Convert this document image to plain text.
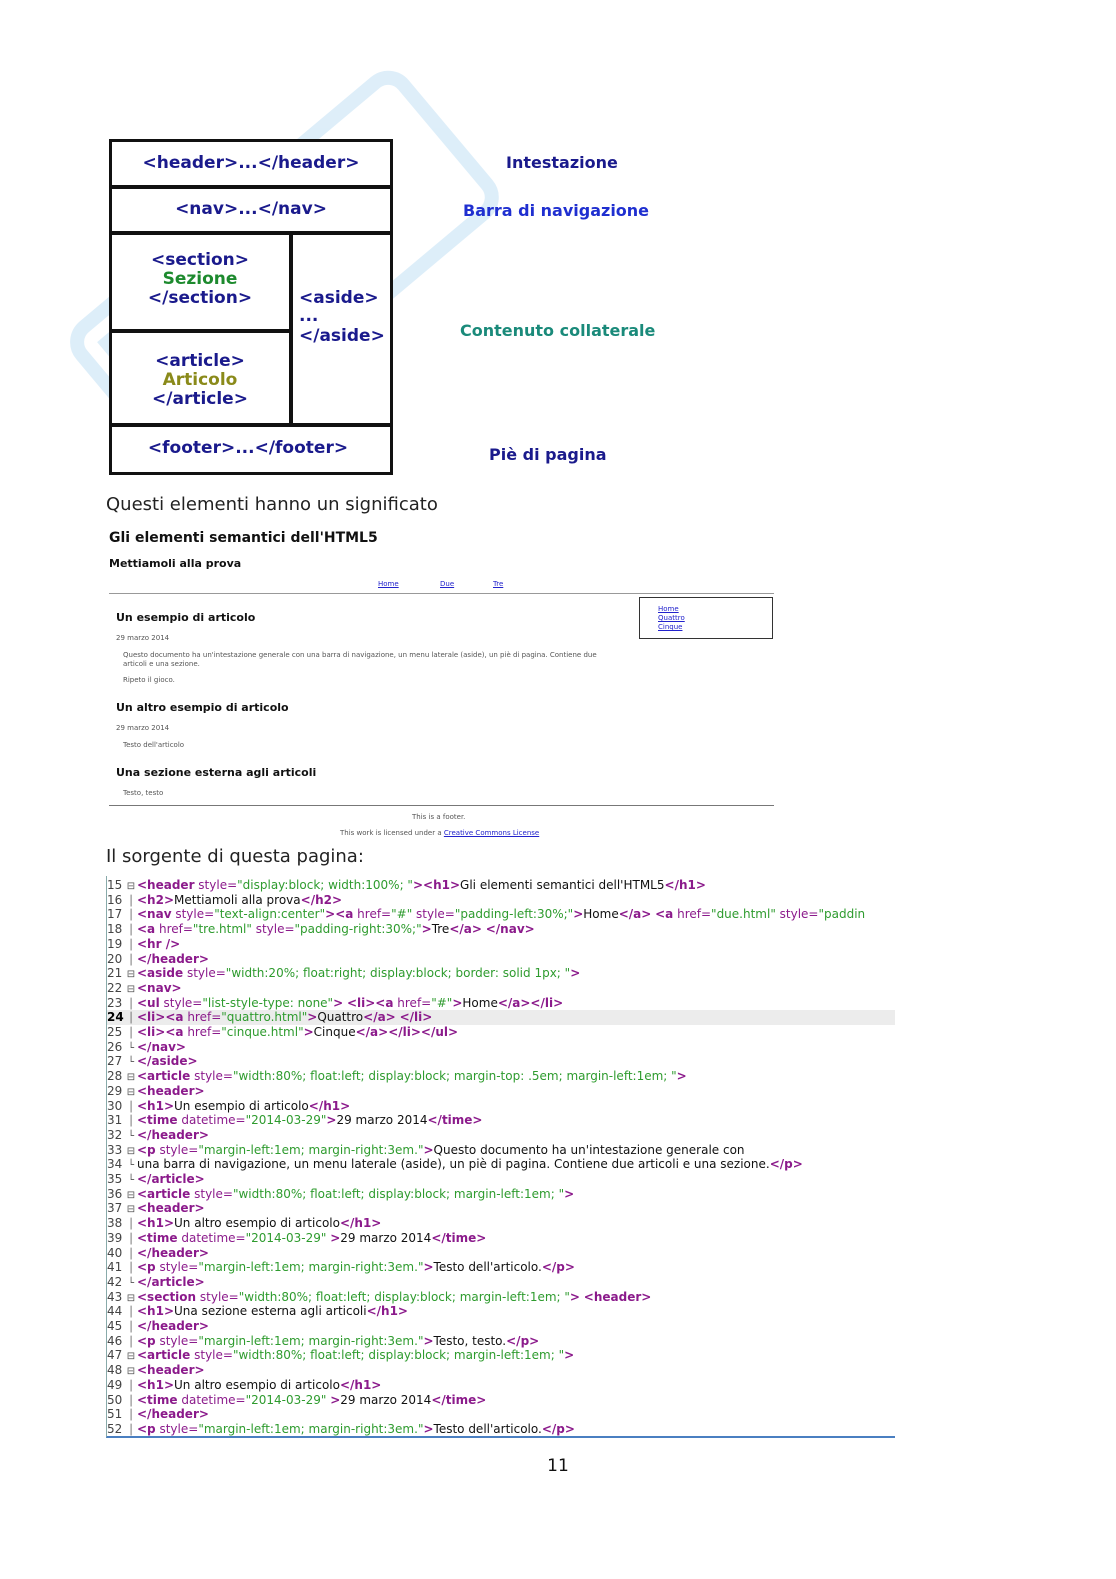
<header>...</header>
<nav>...</nav>
<section>
Sezione
</section>
<article>
Articolo
</article>
<aside>
...
</aside>
<footer>...</footer>
Intestazione
Barra di navigazione
Contenuto collaterale
Piè di pagina
Questi elementi hanno un significato
Gli elementi semantici dell'HTML5
Mettiamoli alla prova
Home	Due	Tre
Home
Quattro
Cinque
Un esempio di articolo
29 marzo 2014
Questo documento ha un'intestazione generale con una barra di navigazione, un menu laterale (aside), un piè di pagina. Contiene due
articoli e una sezione.
Ripeto il gioco.
Un altro esempio di articolo
29 marzo 2014
Testo dell'articolo
Una sezione esterna agli articoli
Testo, testo
This is a footer.
This work is licensed under a Creative Commons License
Il sorgente di questa pagina:
15 ⊟ <header style="display:block; width:100%; "><h1>Gli elementi semantici dell'HTML5</h1>
16 │ <h2>Mettiamoli alla prova</h2>
17 │ <nav style="text-align:center"><a href="#" style="padding-left:30%;">Home</a> <a href="due.html" style="paddin
18 │ <a href="tre.html" style="padding-right:30%;">Tre</a> </nav>
19 │ <hr />
20 │ </header>
21 ⊟ <aside style="width:20%; float:right; display:block; border: solid 1px; ">
22 ⊟ <nav>
23 │ <ul style="list-style-type: none"> <li><a href="#">Home</a></li>
24 │ <li><a href="quattro.html">Quattro</a> </li>
25 │ <li><a href="cinque.html">Cinque</a></li></ul>
26 └ </nav>
27 └ </aside>
28 ⊟ <article style="width:80%; float:left; display:block; margin-top: .5em; margin-left:1em; ">
29 ⊟ <header>
30 │ <h1>Un esempio di articolo</h1>
31 │ <time datetime="2014-03-29">29 marzo 2014</time>
32 └ </header>
33 ⊟ <p style="margin-left:1em; margin-right:3em.">Questo documento ha un'intestazione generale con
34 └una barra di navigazione, un menu laterale (aside), un piè di pagina. Contiene due articoli e una sezione.</p>
35 └ </article>
36 ⊟ <article style="width:80%; float:left; display:block; margin-left:1em; ">
37 ⊟ <header>
38 │ <h1>Un altro esempio di articolo</h1>
39 │ <time datetime="2014-03-29" >29 marzo 2014</time>
40 │ </header>
41 │ <p style="margin-left:1em; margin-right:3em.">Testo dell'articolo.</p>
42 └ </article>
43 ⊟ <section style="width:80%; float:left; display:block; margin-left:1em; "> <header>
44 │ <h1>Una sezione esterna agli articoli</h1>
45 │ </header>
46 │ <p style="margin-left:1em; margin-right:3em.">Testo, testo.</p>
47 ⊟ <article style="width:80%; float:left; display:block; margin-left:1em; ">
48 ⊟ <header>
49 │ <h1>Un altro esempio di articolo</h1>
50 │ <time datetime="2014-03-29" >29 marzo 2014</time>
51 │ </header>
52 │ <p style="margin-left:1em; margin-right:3em.">Testo dell'articolo.</p>
11
